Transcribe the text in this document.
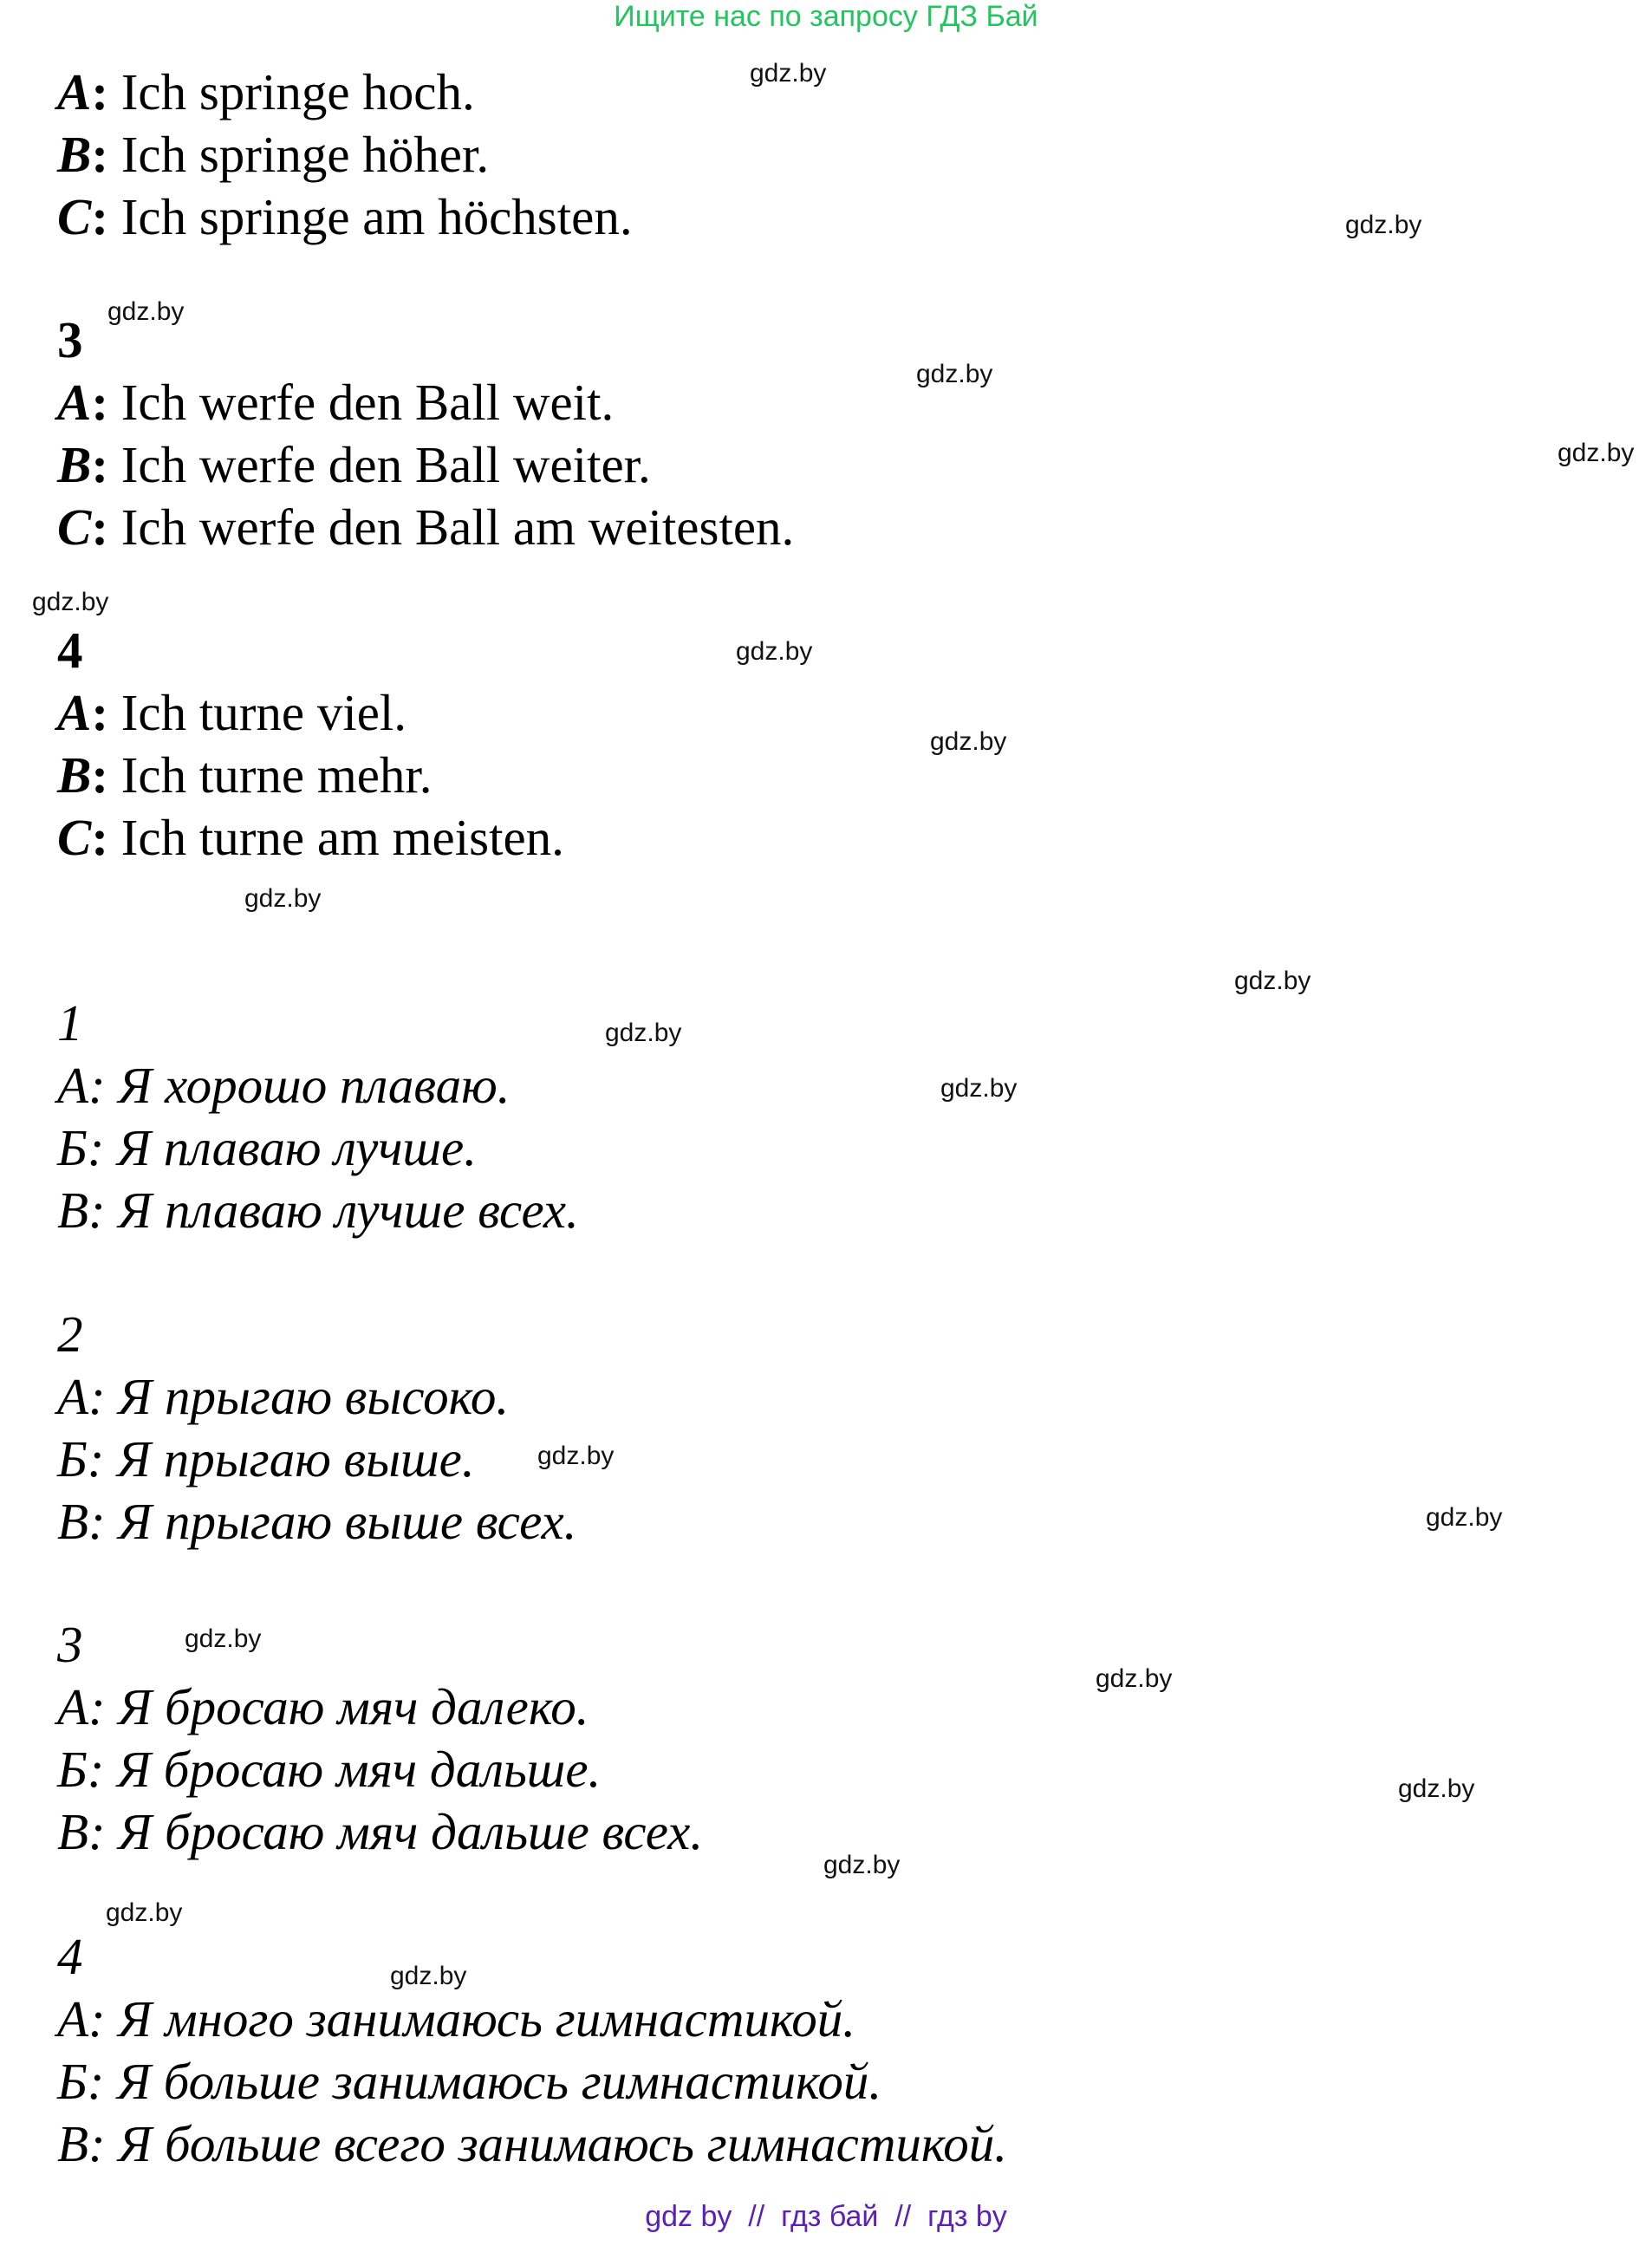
Ищите нас по запросу ГДЗ Бай
A: Ich springe hoch.
B: Ich springe höher.
C: Ich springe am höchsten.
3
A: Ich werfe den Ball weit.
B: Ich werfe den Ball weiter.
C: Ich werfe den Ball am weitesten.
4
A: Ich turne viel.
B: Ich turne mehr.
C: Ich turne am meisten.
1
А: Я хорошо плаваю.
Б: Я плаваю лучше.
В: Я плаваю лучше всех.
2
А: Я прыгаю высоко.
Б: Я прыгаю выше.
В: Я прыгаю выше всех.
3
А: Я бросаю мяч далеко.
Б: Я бросаю мяч дальше.
В: Я бросаю мяч дальше всех.
4
А: Я много занимаюсь гимнастикой.
Б: Я больше занимаюсь гимнастикой.
В: Я больше всего занимаюсь гимнастикой.
gdz.by
gdz.by
gdz.by
gdz.by
gdz.by
gdz.by
gdz.by
gdz.by
gdz.by
gdz.by
gdz.by
gdz.by
gdz.by
gdz.by
gdz.by
gdz.by
gdz.by
gdz.by
gdz.by
gdz.by
gdz by  //  гдз бай  //  гдз by
